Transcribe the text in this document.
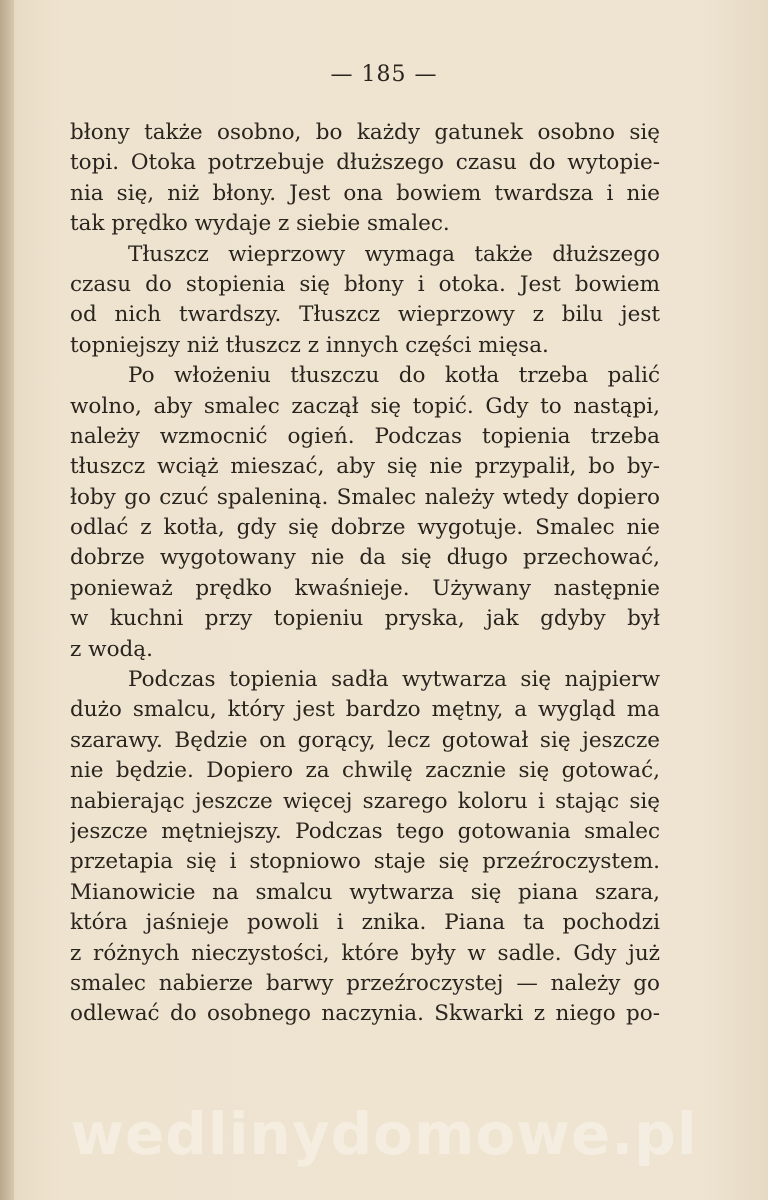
— 185 —
błony także osobno, bo każdy gatunek osobno się
topi. Otoka potrzebuje dłuższego czasu do wytopie-
nia się, niż błony. Jest ona bowiem twardsza i nie
tak prędko wydaje z siebie smalec.
Tłuszcz wieprzowy wymaga także dłuższego
czasu do stopienia się błony i otoka. Jest bowiem
od nich twardszy. Tłuszcz wieprzowy z bilu jest
topniejszy niż tłuszcz z innych części mięsa.
Po włożeniu tłuszczu do kotła trzeba palić
wolno, aby smalec zaczął się topić. Gdy to nastąpi,
należy wzmocnić ogień. Podczas topienia trzeba
tłuszcz wciąż mieszać, aby się nie przypalił, bo by-
łoby go czuć spaleniną. Smalec należy wtedy dopiero
odlać z kotła, gdy się dobrze wygotuje. Smalec nie
dobrze wygotowany nie da się długo przechować,
ponieważ prędko kwaśnieje. Używany następnie
w kuchni przy topieniu pryska, jak gdyby był
z wodą.
Podczas topienia sadła wytwarza się najpierw
dużo smalcu, który jest bardzo mętny, a wygląd ma
szarawy. Będzie on gorący, lecz gotował się jeszcze
nie będzie. Dopiero za chwilę zacznie się gotować,
nabierając jeszcze więcej szarego koloru i stając się
jeszcze mętniejszy. Podczas tego gotowania smalec
przetapia się i stopniowo staje się przeźroczystem.
Mianowicie na smalcu wytwarza się piana szara,
która jaśnieje powoli i znika. Piana ta pochodzi
z różnych nieczystości, które były w sadle. Gdy już
smalec nabierze barwy przeźroczystej — należy go
odlewać do osobnego naczynia. Skwarki z niego po-
wedlinydomowe.pl
